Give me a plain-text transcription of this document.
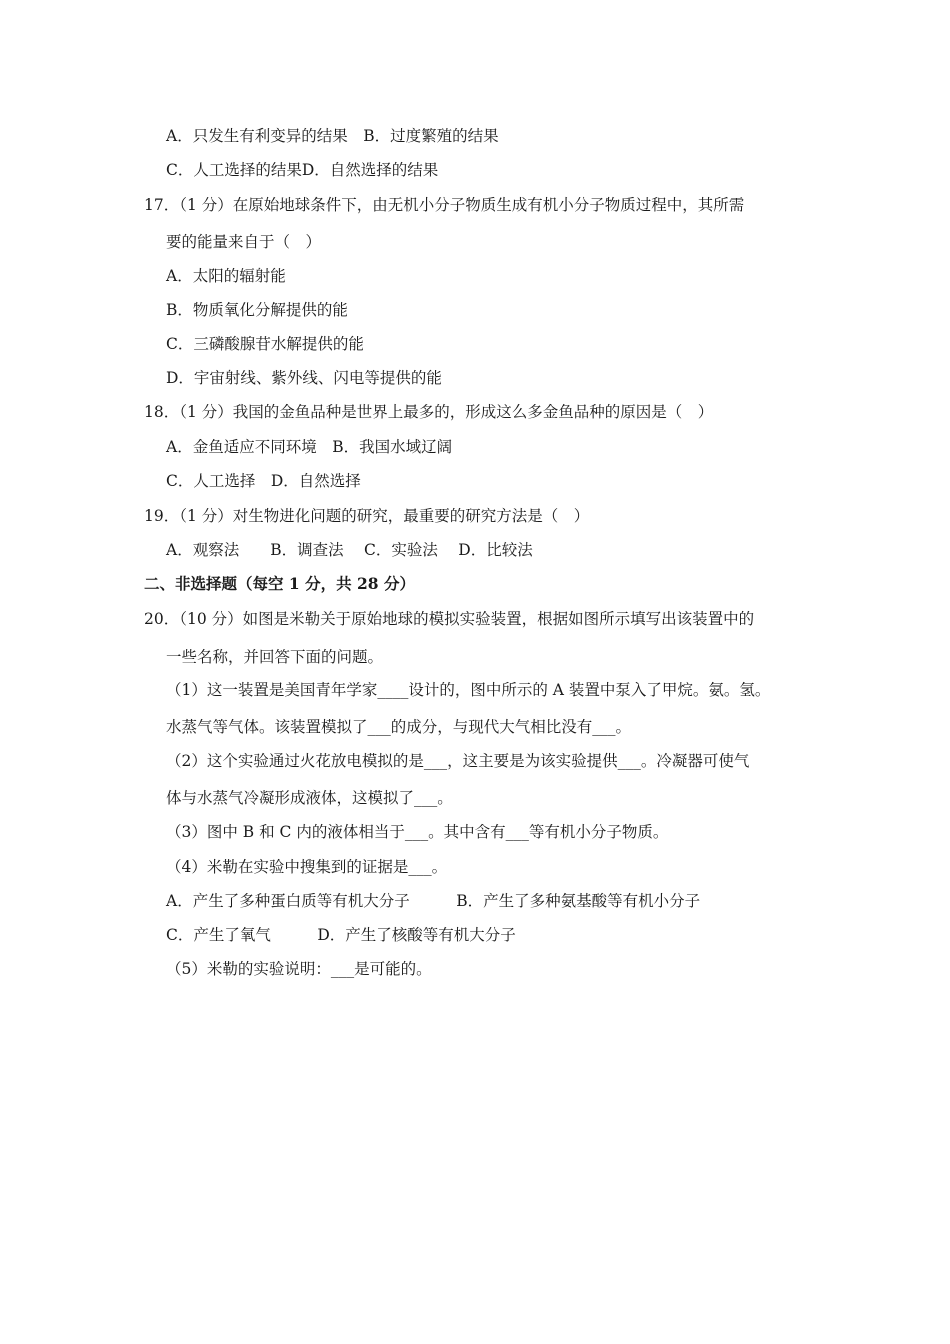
A．只发生有利变异的结果　B．过度繁殖的结果
C．人工选择的结果D．自然选择的结果
17．（1 分）在原始地球条件下，由无机小分子物质生成有机小分子物质过程中，其所需
要的能量来自于（　）
A．太阳的辐射能
B．物质氧化分解提供的能
C．三磷酸腺苷水解提供的能
D．宇宙射线、紫外线、闪电等提供的能
18．（1 分）我国的金鱼品种是世界上最多的，形成这么多金鱼品种的原因是（　）
A．金鱼适应不同环境　B．我国水域辽阔
C．人工选择　D．自然选择
19．（1 分）对生物进化问题的研究，最重要的研究方法是（　）
A．观察法　　B．调查法　 C．实验法　 D．比较法
二、非选择题（每空 1 分，共 28 分）
20．（10 分）如图是米勒关于原始地球的模拟实验装置，根据如图所示填写出该装置中的
一些名称，并回答下面的问题。
（1）这一装置是美国青年学家____设计的，图中所示的 A 装置中泵入了甲烷。氨。氢。
水蒸气等气体。该装置模拟了___的成分，与现代大气相比没有___。
（2）这个实验通过火花放电模拟的是___，这主要是为该实验提供___。冷凝器可使气
体与水蒸气冷凝形成液体，这模拟了___。
（3）图中 B 和 C 内的液体相当于___。其中含有___等有机小分子物质。
（4）米勒在实验中搜集到的证据是___。
A．产生了多种蛋白质等有机大分子　　　B．产生了多种氨基酸等有机小分子
C．产生了氧气　　　D．产生了核酸等有机大分子
（5）米勒的实验说明：___是可能的。
